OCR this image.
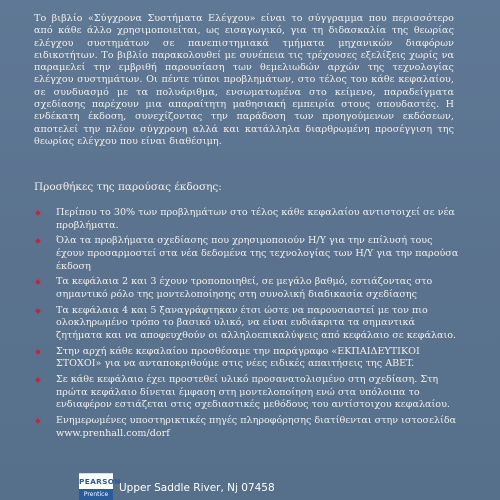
Το βιβλίο «Σύγχρονα Συστήματα Ελέγχου» είναι το σύγγραμμα που περισσότερο από κάθε άλλο χρησιμοποιείται, ως εισαγωγικό, για τη διδασκαλία της θεωρίας ελέγχου συστημάτων σε πανεπιστημιακά τμήματα μηχανικών διαφόρων ειδικοτήτων. Το βιβλίο παρακολουθεί με συνέπεια τις τρέχουσες εξελίξεις χωρίς να παραμελεί την εμβριθή παρουσίαση των θεμελιωδών αρχών της τεχνολογίας ελέγχου συστημάτων. Οι πέντε τύποι προβλημάτων, στο τέλος του κάθε κεφαλαίου, σε συνδυασμό με τα πολυάριθμα, ενσωματωμένα στο κείμενο, παραδείγματα σχεδίασης παρέχουν μια απαραίτητη μαθησιακή εμπειρία στους σπουδαστές. Η ενδέκατη έκδοση, συνεχίζοντας την παράδοση των προηγούμενων εκδόσεων, αποτελεί την πλέον σύγχρονη αλλά και κατάλληλα διαρθρωμένη προσέγγιση της θεωρίας ελέγχου που είναι διαθέσιμη.

Προσθήκες της παρούσας έκδοσης:
Περίπου το 30% των προβλημάτων στο τέλος κάθε κεφαλαίου αντιστοιχεί σε νέα προβλήματα.
Όλα τα προβλήματα σχεδίασης που χρησιμοποιούν Η/Υ για την επίλυσή τους έχουν προσαρμοστεί στα νέα δεδομένα της τεχνολογίας των Η/Υ για την παρούσα έκδοση
Τα κεφάλαια 2 και 3 έχουν τροποποιηθεί, σε μεγάλο βαθμό, εστιάζοντας στο σημαντικό ρόλο της μοντελοποίησης στη συνολική διαδικασία σχεδίασης
Τα κεφάλαια 4 και 5 ξαναγράφτηκαν έτσι ώστε να παρουσιαστεί με τον πιο ολοκληρωμένο τρόπο το βασικό υλικό, να είναι ευδιάκριτα τα σημαντικά ζητήματα και να αποφευχθούν οι αλληλοεπικαλύψεις από κεφάλαιο σε κεφάλαιο.
Στην αρχή κάθε κεφαλαίου προσθέσαμε την παράγραφο «ΕΚΠΑΙΔΕΥΤΙΚΟΙ ΣΤΟΧΟΙ» για να ανταποκριθούμε στις νέες ειδικές απαιτήσεις της ABET.
Σε κάθε κεφάλαιο έχει προστεθεί υλικό προσανατολισμένο στη σχεδίαση. Στη πρώτα κεφάλαιο δίνεται έμφαση στη μοντελοποίηση ενώ στα υπόλοιπα το ενδιαφέρον εστιάζεται στις σχεδιαστικές μεθόδους του αντίστοιχου κεφαλαίου.
Ενημερωμένες υποστηρικτικές πηγές πληροφόρησης διατίθενται στην ιστοσελίδα
www.prenhall.com/dorf
PEARSON
Prentice
Upper Saddle River, Nj 07458
